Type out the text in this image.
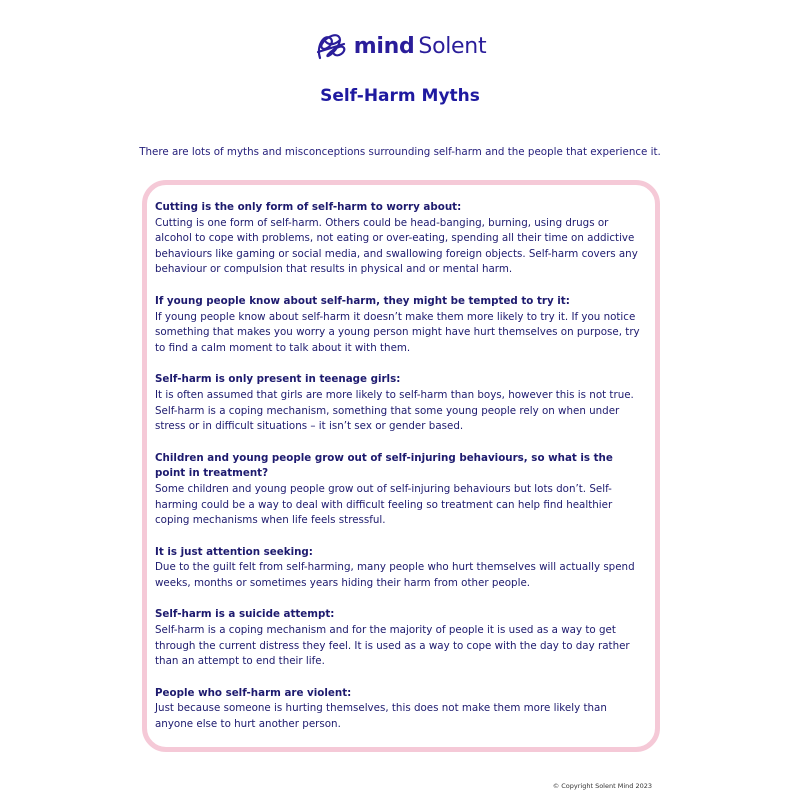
mind Solent
Self-Harm Myths

There are lots of myths and misconceptions surrounding self-harm and the people that experience it.

Cutting is the only form of self-harm to worry about:
Cutting is one form of self-harm. Others could be head-banging, burning, using drugs or alcohol to cope with problems, not eating or over-eating, spending all their time on addictive behaviours like gaming or social media, and swallowing foreign objects. Self-harm covers any behaviour or compulsion that results in physical and or mental harm.
If young people know about self-harm, they might be tempted to try it:
If young people know about self-harm it doesn’t make them more likely to try it. If you notice something that makes you worry a young person might have hurt themselves on purpose, try to find a calm moment to talk about it with them.
Self-harm is only present in teenage girls:
It is often assumed that girls are more likely to self-harm than boys, however this is not true. Self-harm is a coping mechanism, something that some young people rely on when under stress or in difficult situations – it isn’t sex or gender based.
Children and young people grow out of self-injuring behaviours, so what is the point in treatment?
Some children and young people grow out of self-injuring behaviours but lots don’t. Self-harming could be a way to deal with difficult feeling so treatment can help find healthier coping mechanisms when life feels stressful.
It is just attention seeking:
Due to the guilt felt from self-harming, many people who hurt themselves will actually spend weeks, months or sometimes years hiding their harm from other people.
Self-harm is a suicide attempt:
Self-harm is a coping mechanism and for the majority of people it is used as a way to get through the current distress they feel. It is used as a way to cope with the day to day rather than an attempt to end their life.
People who self-harm are violent:
Just because someone is hurting themselves, this does not make them more likely than anyone else to hurt another person.
© Copyright Solent Mind 2023
